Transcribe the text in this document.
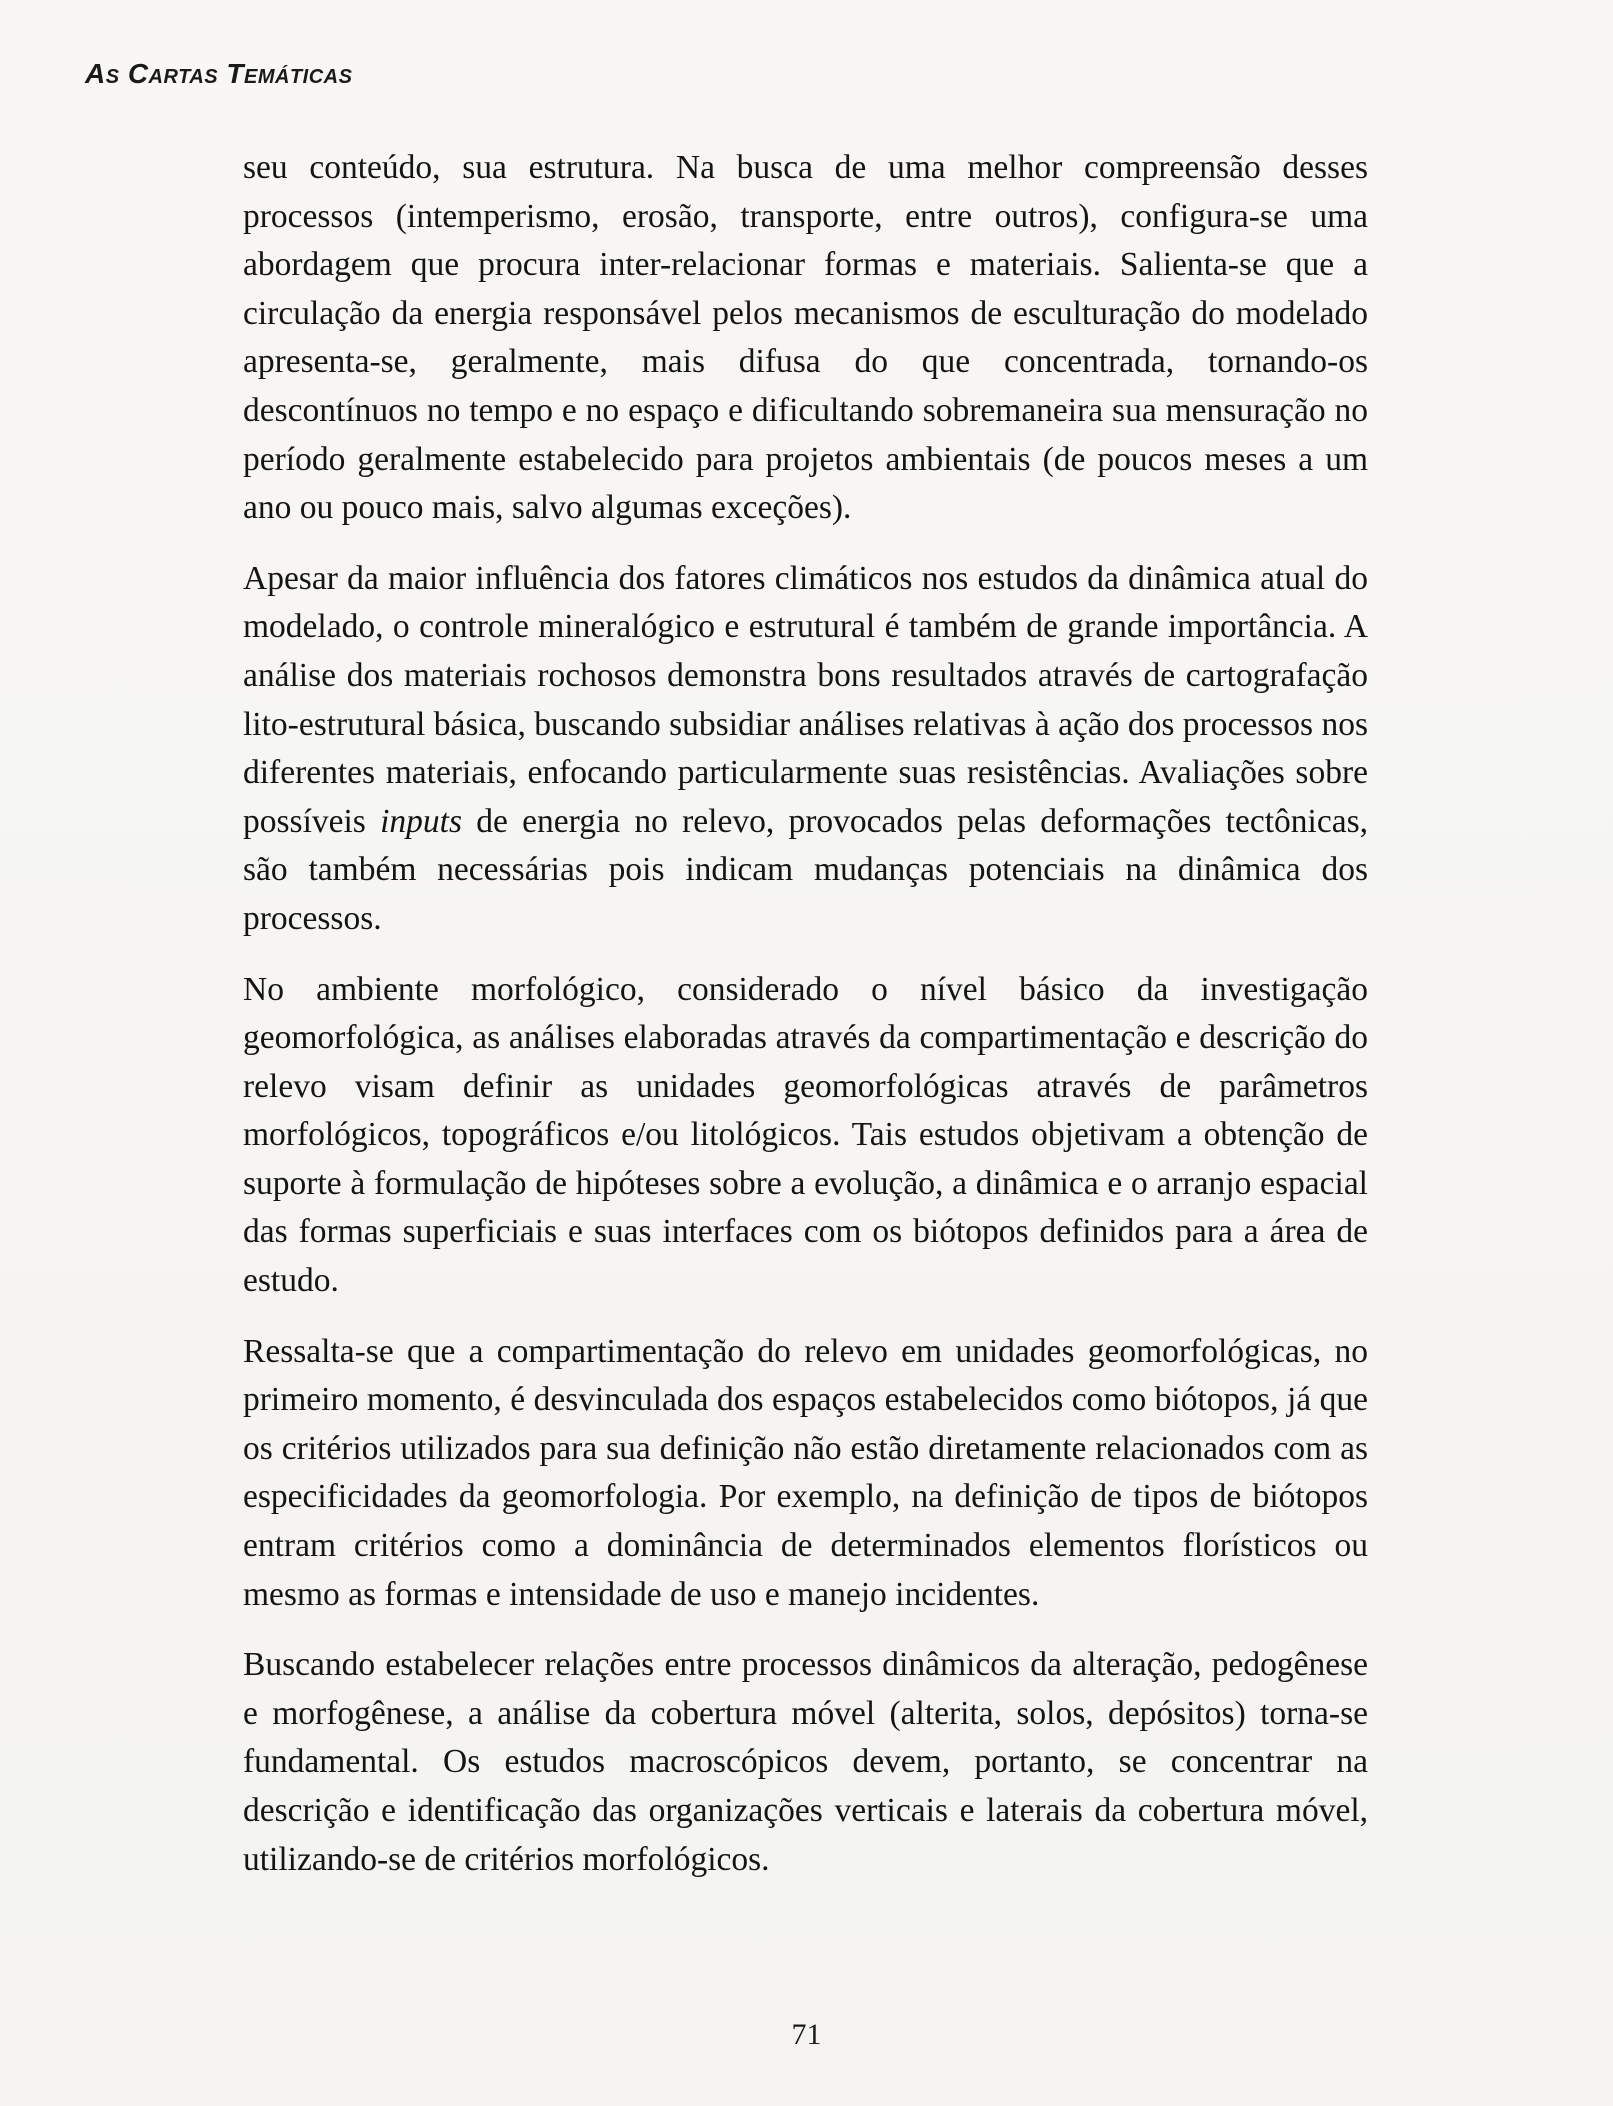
As Cartas Temáticas

seu conteúdo, sua estrutura. Na busca de uma melhor compreensão desses processos (intemperismo, erosão, transporte, entre outros), configura-se uma abordagem que procura inter-relacionar formas e materiais. Salienta-se que a circulação da energia responsável pelos mecanismos de esculturação do modelado apresenta-se, geralmente, mais difusa do que concentrada, tornando-os descontínuos no tempo e no espaço e dificultando sobremaneira sua mensuração no período geralmente estabelecido para projetos ambientais (de poucos meses a um ano ou pouco mais, salvo algumas exceções).

Apesar da maior influência dos fatores climáticos nos estudos da dinâmica atual do modelado, o controle mineralógico e estrutural é também de grande importância. A análise dos materiais rochosos demonstra bons resultados através de cartografação lito-estrutural básica, buscando subsidiar análises relativas à ação dos processos nos diferentes materiais, enfocando particularmente suas resistências. Avaliações sobre possíveis inputs de energia no relevo, provocados pelas deformações tectônicas, são também necessárias pois indicam mudanças potenciais na dinâmica dos processos.

No ambiente morfológico, considerado o nível básico da investigação geomorfológica, as análises elaboradas através da compartimentação e descrição do relevo visam definir as unidades geomorfológicas através de parâmetros morfológicos, topográficos e/ou litológicos. Tais estudos objetivam a obtenção de suporte à formulação de hipóteses sobre a evolução, a dinâmica e o arranjo espacial das formas superficiais e suas interfaces com os biótopos definidos para a área de estudo.

Ressalta-se que a compartimentação do relevo em unidades geomorfológicas, no primeiro momento, é desvinculada dos espaços estabelecidos como biótopos, já que os critérios utilizados para sua definição não estão diretamente relacionados com as especificidades da geomorfologia. Por exemplo, na definição de tipos de biótopos entram critérios como a dominância de determinados elementos florísticos ou mesmo as formas e intensidade de uso e manejo incidentes.

Buscando estabelecer relações entre processos dinâmicos da alteração, pedogênese e morfogênese, a análise da cobertura móvel (alterita, solos, depósitos) torna-se fundamental. Os estudos macroscópicos devem, portanto, se concentrar na descrição e identificação das organizações verticais e laterais da cobertura móvel, utilizando-se de critérios morfológicos.

71
